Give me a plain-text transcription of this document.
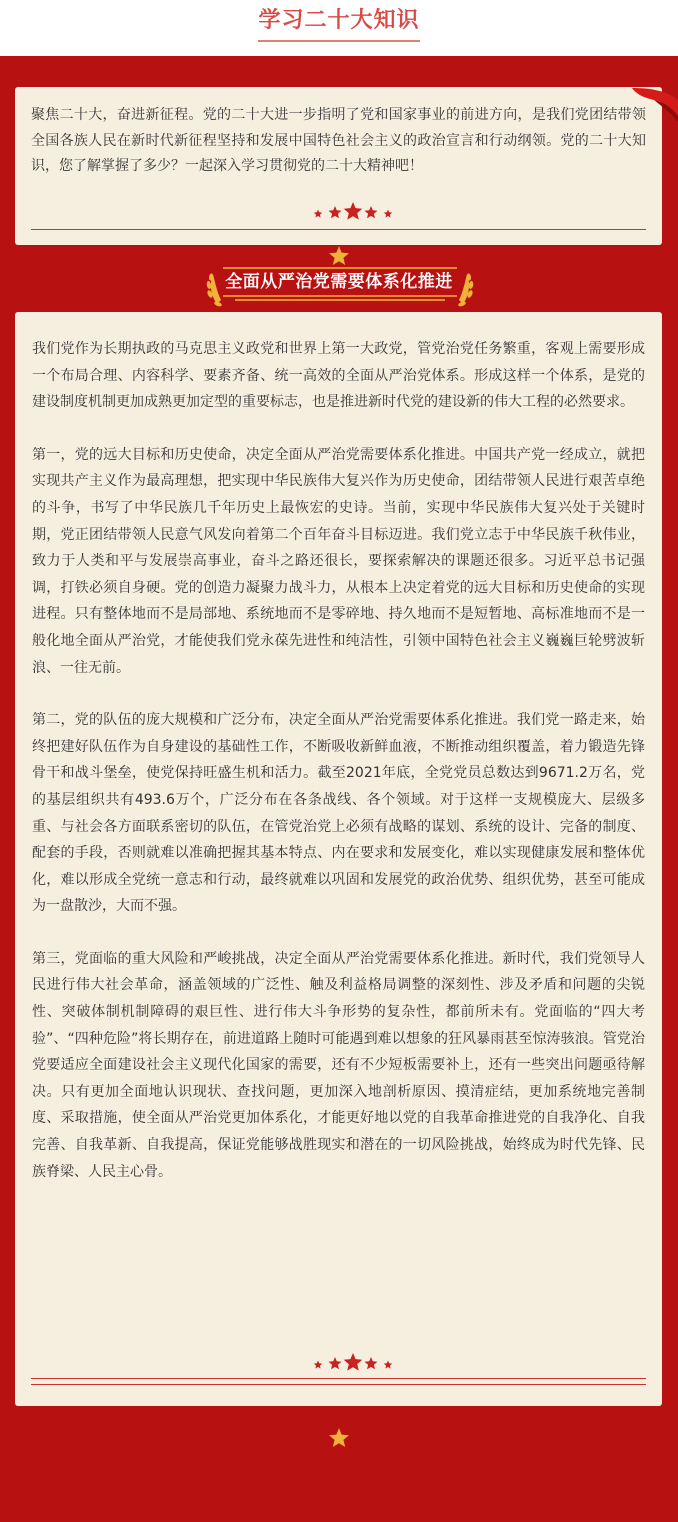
学习二十大知识

聚焦二十大，奋进新征程。党的二十大进一步指明了党和国家事业的前进方向，是我们党团结带领全国各族人民在新时代新征程坚持和发展中国特色社会主义的政治宣言和行动纲领。党的二十大知识，您了解掌握了多少？一起深入学习贯彻党的二十大精神吧！

全面从严治党需要体系化推进

我们党作为长期执政的马克思主义政党和世界上第一大政党，管党治党任务繁重，客观上需要形成一个布局合理、内容科学、要素齐备、统一高效的全面从严治党体系。形成这样一个体系，是党的建设制度机制更加成熟更加定型的重要标志，也是推进新时代党的建设新的伟大工程的必然要求。

第一，党的远大目标和历史使命，决定全面从严治党需要体系化推进。中国共产党一经成立，就把实现共产主义作为最高理想，把实现中华民族伟大复兴作为历史使命，团结带领人民进行艰苦卓绝的斗争，书写了中华民族几千年历史上最恢宏的史诗。当前，实现中华民族伟大复兴处于关键时期，党正团结带领人民意气风发向着第二个百年奋斗目标迈进。我们党立志于中华民族千秋伟业，致力于人类和平与发展崇高事业，奋斗之路还很长，要探索解决的课题还很多。习近平总书记强调，打铁必须自身硬。党的创造力凝聚力战斗力，从根本上决定着党的远大目标和历史使命的实现进程。只有整体地而不是局部地、系统地而不是零碎地、持久地而不是短暂地、高标准地而不是一般化地全面从严治党，才能使我们党永葆先进性和纯洁性，引领中国特色社会主义巍巍巨轮劈波斩浪、一往无前。

第二，党的队伍的庞大规模和广泛分布，决定全面从严治党需要体系化推进。我们党一路走来，始终把建好队伍作为自身建设的基础性工作，不断吸收新鲜血液，不断推动组织覆盖，着力锻造先锋骨干和战斗堡垒，使党保持旺盛生机和活力。截至2021年底，全党党员总数达到9671.2万名，党的基层组织共有493.6万个，广泛分布在各条战线、各个领域。对于这样一支规模庞大、层级多重、与社会各方面联系密切的队伍，在管党治党上必须有战略的谋划、系统的设计、完备的制度、配套的手段，否则就难以准确把握其基本特点、内在要求和发展变化，难以实现健康发展和整体优化，难以形成全党统一意志和行动，最终就难以巩固和发展党的政治优势、组织优势，甚至可能成为一盘散沙，大而不强。

第三，党面临的重大风险和严峻挑战，决定全面从严治党需要体系化推进。新时代，我们党领导人民进行伟大社会革命，涵盖领域的广泛性、触及利益格局调整的深刻性、涉及矛盾和问题的尖锐性、突破体制机制障碍的艰巨性、进行伟大斗争形势的复杂性，都前所未有。党面临的“四大考验”、“四种危险”将长期存在，前进道路上随时可能遇到难以想象的狂风暴雨甚至惊涛骇浪。管党治党要适应全面建设社会主义现代化国家的需要，还有不少短板需要补上，还有一些突出问题亟待解决。只有更加全面地认识现状、查找问题，更加深入地剖析原因、摸清症结，更加系统地完善制度、采取措施，使全面从严治党更加体系化，才能更好地以党的自我革命推进党的自我净化、自我完善、自我革新、自我提高，保证党能够战胜现实和潜在的一切风险挑战，始终成为时代先锋、民族脊梁、人民主心骨。
